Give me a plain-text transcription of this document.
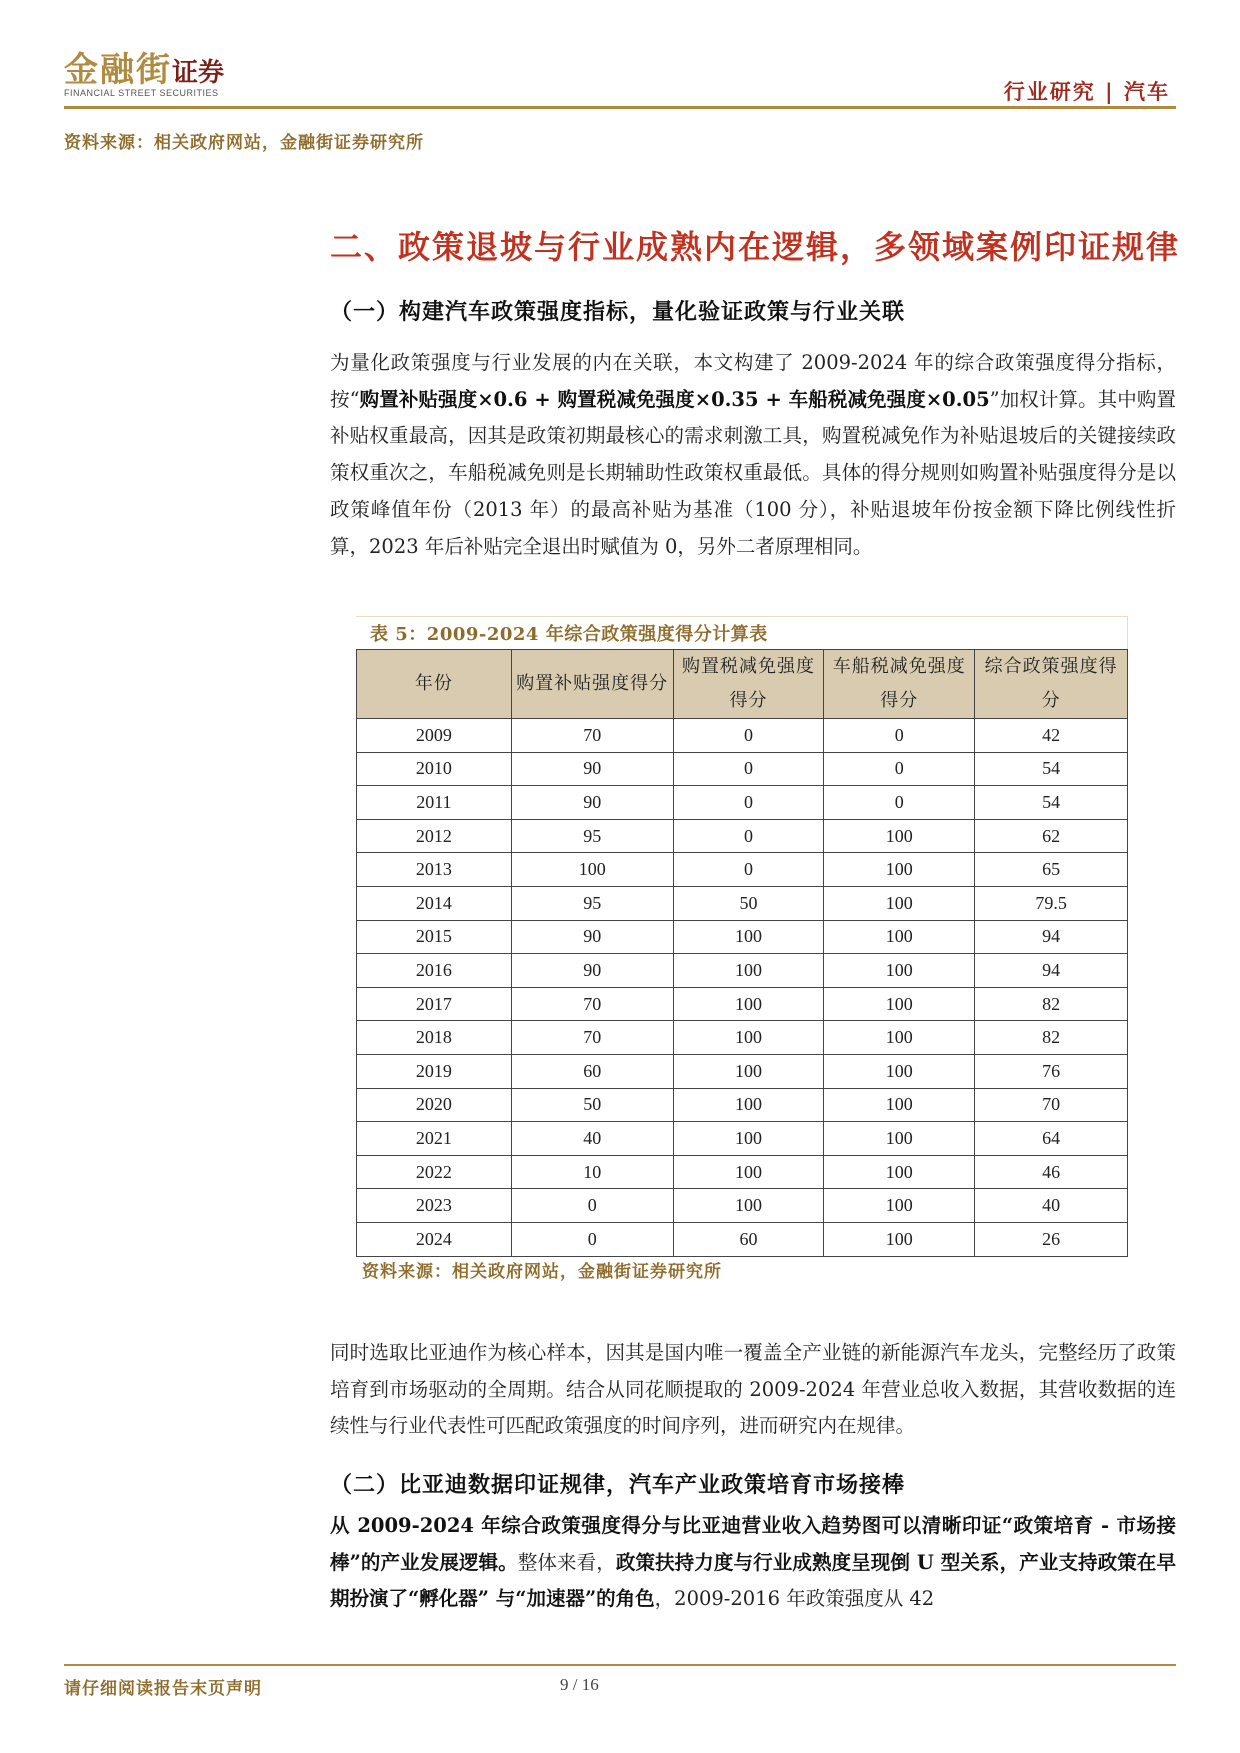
金融街证券
FINANCIAL STREET SECURITIES	行业研究 | 汽车
资料来源：相关政府网站，金融街证券研究所
二、政策退坡与行业成熟内在逻辑，多领域案例印证规律
（一）构建汽车政策强度指标，量化验证政策与行业关联
为量化政策强度与行业发展的内在关联，本文构建了 2009-2024 年的综合政策强度得分指标，按“购置补贴强度×0.6 + 购置税减免强度×0.35 + 车船税减免强度×0.05”加权计算。其中购置补贴权重最高，因其是政策初期最核心的需求刺激工具，购置税减免作为补贴退坡后的关键接续政策权重次之，车船税减免则是长期辅助性政策权重最低。具体的得分规则如购置补贴强度得分是以政策峰值年份（2013 年）的最高补贴为基准（100 分），补贴退坡年份按金额下降比例线性折算，2023 年后补贴完全退出时赋值为 0，另外二者原理相同。
表 5：2009-2024 年综合政策强度得分计算表
年份	购置补贴强度得分	购置税减免强度得分	车船税减免强度得分	综合政策强度得分
2009	70	0	0	42
2010	90	0	0	54
2011	90	0	0	54
2012	95	0	100	62
2013	100	0	100	65
2014	95	50	100	79.5
2015	90	100	100	94
2016	90	100	100	94
2017	70	100	100	82
2018	70	100	100	82
2019	60	100	100	76
2020	50	100	100	70
2021	40	100	100	64
2022	10	100	100	46
2023	0	100	100	40
2024	0	60	100	26
资料来源：相关政府网站，金融街证券研究所
同时选取比亚迪作为核心样本，因其是国内唯一覆盖全产业链的新能源汽车龙头，完整经历了政策培育到市场驱动的全周期。结合从同花顺提取的 2009-2024 年营业总收入数据，其营收数据的连续性与行业代表性可匹配政策强度的时间序列，进而研究内在规律。
（二）比亚迪数据印证规律，汽车产业政策培育市场接棒
从 2009-2024 年综合政策强度得分与比亚迪营业收入趋势图可以清晰印证“政策培育 - 市场接棒”的产业发展逻辑。整体来看，政策扶持力度与行业成熟度呈现倒 U 型关系，产业支持政策在早期扮演了“孵化器” 与“加速器”的角色，2009-2016 年政策强度从 42
请仔细阅读报告末页声明	9 / 16
